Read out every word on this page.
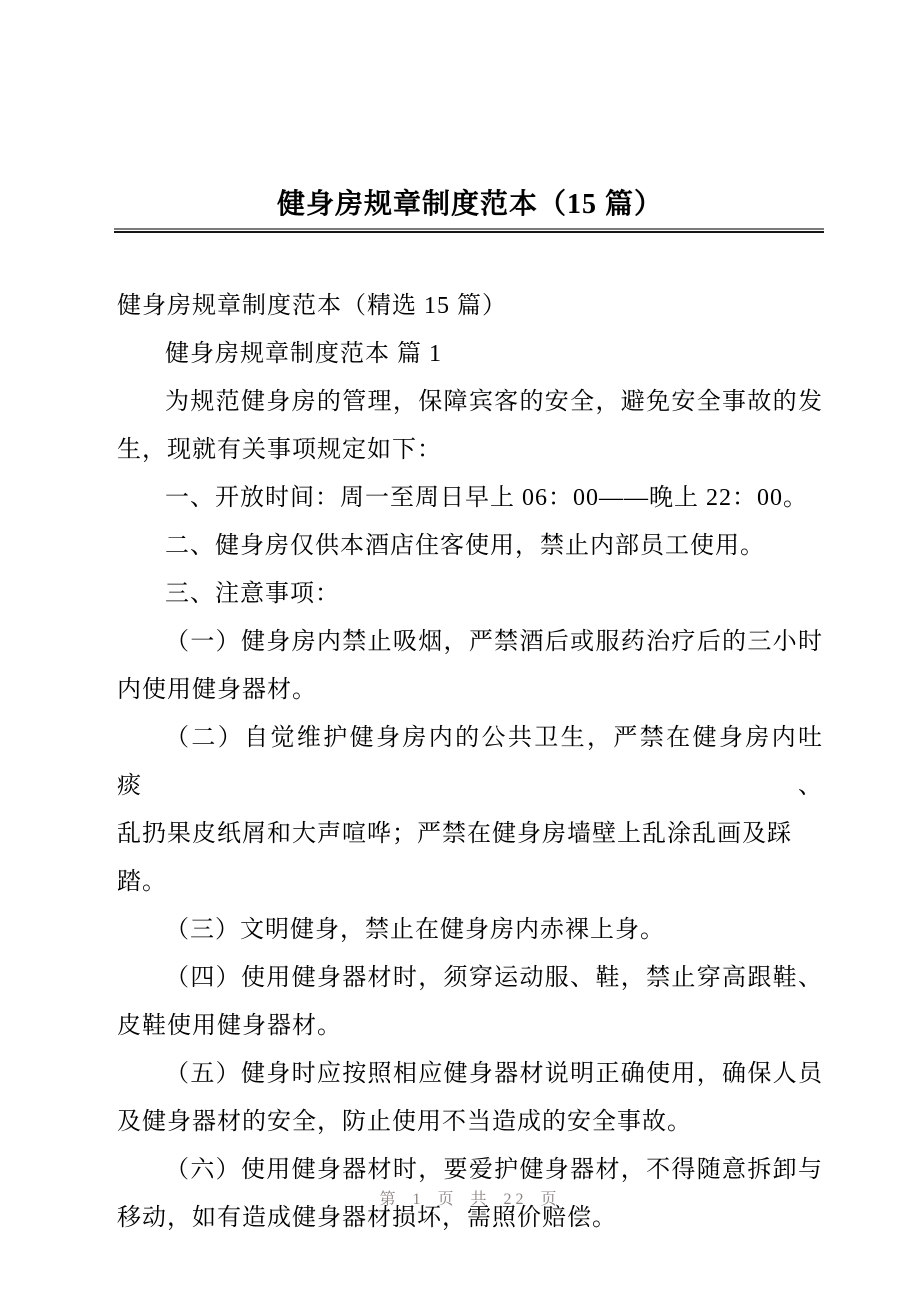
健身房规章制度范本（15 篇）

健身房规章制度范本（精选 15 篇）

健身房规章制度范本 篇 1

为规范健身房的管理，保障宾客的安全，避免安全事故的发
生，现就有关事项规定如下：

一、开放时间：周一至周日早上 06：00——晚上 22：00。

二、健身房仅供本酒店住客使用，禁止内部员工使用。

三、注意事项：

（一）健身房内禁止吸烟，严禁酒后或服药治疗后的三小时
内使用健身器材。

（二）自觉维护健身房内的公共卫生，严禁在健身房内吐痰、
乱扔果皮纸屑和大声喧哗；严禁在健身房墙壁上乱涂乱画及踩踏。

（三）文明健身，禁止在健身房内赤裸上身。

（四）使用健身器材时，须穿运动服、鞋，禁止穿高跟鞋、
皮鞋使用健身器材。

（五）健身时应按照相应健身器材说明正确使用，确保人员
及健身器材的安全，防止使用不当造成的安全事故。

（六）使用健身器材时，要爱护健身器材，不得随意拆卸与
移动，如有造成健身器材损坏，需照价赔偿。

第 1 页 共 22 页
